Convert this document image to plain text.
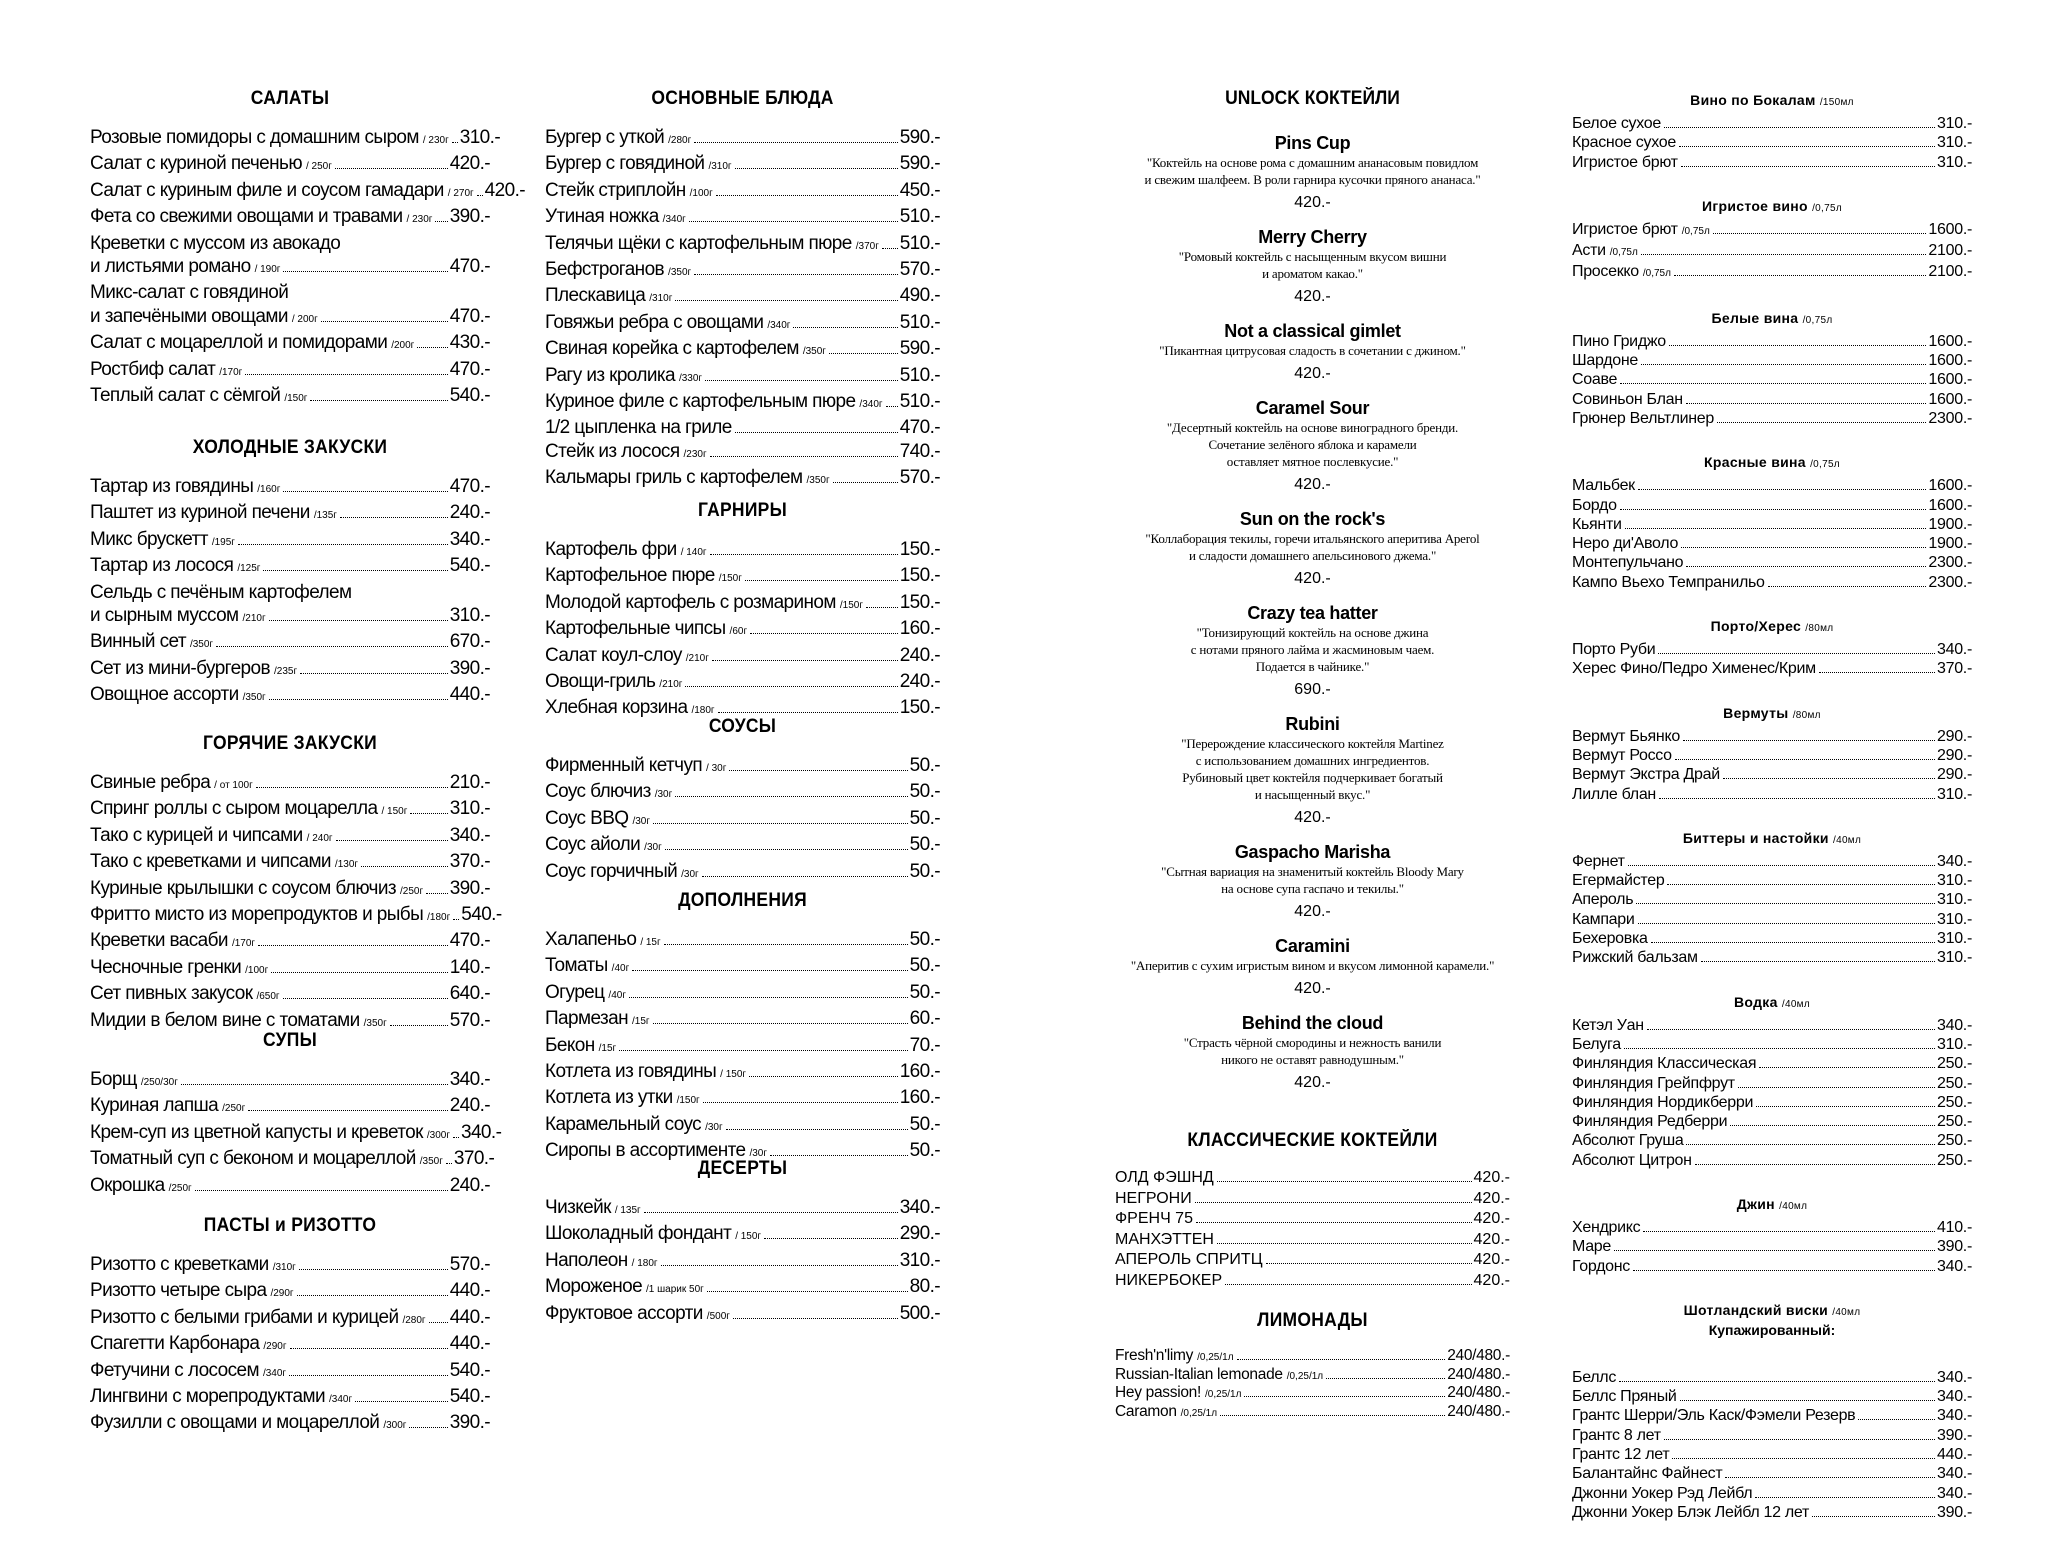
САЛАТЫ
Розовые помидоры с домашним сыром / 230г 310.-
Салат с куриной печенью / 250г	420.-
Салат с куриным филе и соусом гамадари / 270г 420.-
Фета со свежими овощами и травами / 230г 390.-
Креветки с муссом из авокадо
и листьями романо / 190г	470.-
Микс-салат с говядиной
и запечёными овощами / 200г	470.-
Салат с моцареллой и помидорами /200г 430.-
Ростбиф салат /170г	470.-
Теплый салат с сёмгой /150г	540.-
ХОЛОДНЫЕ ЗАКУСКИ
Тартар из говядины /160г	470.-
Паштет из куриной печени /135г	240.-
Микс брускетт /195г	340.-
Тартар из лосося /125г	540.-
Сельдь с печёным картофелем
и сырным муссом /210г	310.-
Винный сет /350г	670.-
Сет из мини-бургеров /235г	390.-
Овощное ассорти /350г	440.-
ГОРЯЧИЕ ЗАКУСКИ
Свиные ребра / от 100г	210.-
Спринг роллы с сыром моцарелла / 150г 310.-
Тако с курицей и чипсами / 240г	340.-
Тако с креветками и чипсами /130г	370.-
Куриные крылышки с соусом блючиз /250г 390.-
Фритто мисто из морепродуктов и рыбы /180г 540.-
Креветки васаби /170г	470.-
Чесночные гренки /100г	140.-
Сет пивных закусок /650г	640.-
Мидии в белом вине с томатами /350г	570.-
СУПЫ
Борщ /250/30г	340.-
Куриная лапша /250г	240.-
Крем-суп из цветной капусты и креветок /300г 340.-
Томатный суп с беконом и моцареллой /350г 370.-
Окрошка /250г	240.-
ПАСТЫ и РИЗОТТО
Ризотто с креветками /310г	570.-
Ризотто четыре сыра /290г	440.-
Ризотто с белыми грибами и курицей /280г 440.-
Спагетти Карбонара /290г	440.-
Фетучини с лососем /340г	540.-
Лингвини с морепродуктами /340г	540.-
Фузилли с овощами и моцареллой /300г 390.-
ОСНОВНЫЕ БЛЮДА
Бургер с уткой /280г	590.-
Бургер с говядиной /310г	590.-
Стейк стриплойн /100г	450.-
Утиная ножка /340г	510.-
Телячьи щёки с картофельным пюре /370г 510.-
Бефстроганов /350г	570.-
Плескавица /310г	490.-
Говяжьи ребра с овощами /340г	510.-
Свиная корейка с картофелем /350г	590.-
Рагу из кролика /330г	510.-
Куриное филе с картофельным пюре /340г 510.-
1/2 цыпленка на гриле	470.-
Стейк из лосося /230г	740.-
Кальмары гриль с картофелем /350г	570.-
ГАРНИРЫ
Картофель фри / 140г	150.-
Картофельное пюре /150г	150.-
Молодой картофель с розмарином /150г 150.-
Картофельные чипсы /60г	160.-
Салат коул-слоу /210г	240.-
Овощи-гриль /210г	240.-
Хлебная корзина /180г	150.-
СОУСЫ
Фирменный кетчуп / 30г	50.-
Соус блючиз /30г	50.-
Соус BBQ /30г	50.-
Соус айоли /30г	50.-
Соус горчичный /30г	50.-
ДОПОЛНЕНИЯ
Халапеньо / 15г	50.-
Томаты /40г	50.-
Огурец /40г	50.-
Пармезан /15г	60.-
Бекон /15г	70.-
Котлета из говядины / 150г	160.-
Котлета из утки /150г	160.-
Карамельный соус /30г	50.-
Сиропы в ассортименте /30г	50.-
ДЕСЕРТЫ
Чизкейк / 135г	340.-
Шоколадный фондант / 150г	290.-
Наполеон / 180г	310.-
Мороженое /1 шарик 50г	80.-
Фруктовое ассорти /500г	500.-
UNLOCK КОКТЕЙЛИ
Pins Cup
"Коктейль на основе рома с домашним ананасовым повидлом
и свежим шалфеем. В роли гарнира кусочки пряного ананаса."
420.-
Merry Cherry
"Ромовый коктейль с насыщенным вкусом вишни
и ароматом какао."
420.-
Not a classical gimlet
"Пикантная цитрусовая сладость в сочетании с джином."
420.-
Caramel Sour
"Десертный коктейль на основе виноградного бренди.
Сочетание зелёного яблока и карамели
оставляет мятное послевкусие."
420.-
Sun on the rock's
"Коллаборация текилы, горечи итальянского аперитива Aperol
и сладости домашнего апельсинового джема."
420.-
Crazy tea hatter
"Тонизирующий коктейль на основе джина
с нотами пряного лайма и жасминовым чаем.
Подается в чайнике."
690.-
Rubini
"Перерождение классического коктейля Martinez
с использованием домашних ингредиентов.
Рубиновый цвет коктейля подчеркивает богатый
и насыщенный вкус."
420.-
Gaspacho Marisha
"Сытная вариация на знаменитый коктейль Bloody Mary
на основе супа гаспачо и текилы."
420.-
Caramini
"Аперитив с сухим игристым вином и вкусом лимонной карамели."
420.-
Behind the cloud
"Страсть чёрной смородины и нежность ванили
никого не оставят равнодушным."
420.-
КЛАССИЧЕСКИЕ КОКТЕЙЛИ
ОЛД ФЭШНД	420.-
НЕГРОНИ	420.-
ФРЕНЧ 75	420.-
МАНХЭТТЕН	420.-
АПЕРОЛЬ СПРИТЦ	420.-
НИКЕРБОКЕР	420.-
ЛИМОНАДЫ
Fresh'n'limy /0,25/1л	240/480.-
Russian-Italian lemonade /0,25/1л	240/480.-
Hey passion! /0,25/1л	240/480.-
Caramon /0,25/1л	240/480.-
Вино по Бокалам /150мл
Белое сухое	310.-
Красное сухое	310.-
Игристое брют	310.-
Игристое вино /0,75л
Игристое брют /0,75л	1600.-
Асти /0,75л	2100.-
Просекко /0,75л	2100.-
Белые вина /0,75л
Пино Гриджо	1600.-
Шардоне	1600.-
Соаве	1600.-
Совиньон Блан	1600.-
Грюнер Вельтлинер	2300.-
Красные вина /0,75л
Мальбек	1600.-
Бордо	1600.-
Кьянти	1900.-
Неро ди'Аволо	1900.-
Монтепульчано	2300.-
Кампо Вьехо Темпранильо	2300.-
Порто/Херес /80мл
Порто Руби	340.-
Херес Фино/Педро Хименес/Крим	370.-
Вермуты /80мл
Вермут Бьянко	290.-
Вермут Россо	290.-
Вермут Экстра Драй	290.-
Лилле блан	310.-
Биттеры и настойки /40мл
Фернет	340.-
Егермайстер	310.-
Апероль	310.-
Кампари	310.-
Бехеровка	310.-
Рижский бальзам	310.-
Водка /40мл
Кетэл Уан	340.-
Белуга	310.-
Финляндия Классическая	250.-
Финляндия Грейпфрут	250.-
Финляндия Нордикберри	250.-
Финляндия Редберри	250.-
Абсолют Груша	250.-
Абсолют Цитрон	250.-
Джин /40мл
Хендрикс	410.-
Маре	390.-
Гордонс	340.-
Шотландский виски /40мл
Купажированный:
Беллс	340.-
Беллс Пряный	340.-
Грантс Шерри/Эль Каск/Фэмели Резерв	340.-
Грантс 8 лет	390.-
Грантс 12 лет	440.-
Балантайнс Файнест	340.-
Джонни Уокер Рэд Лейбл	340.-
Джонни Уокер Блэк Лейбл 12 лет	390.-
